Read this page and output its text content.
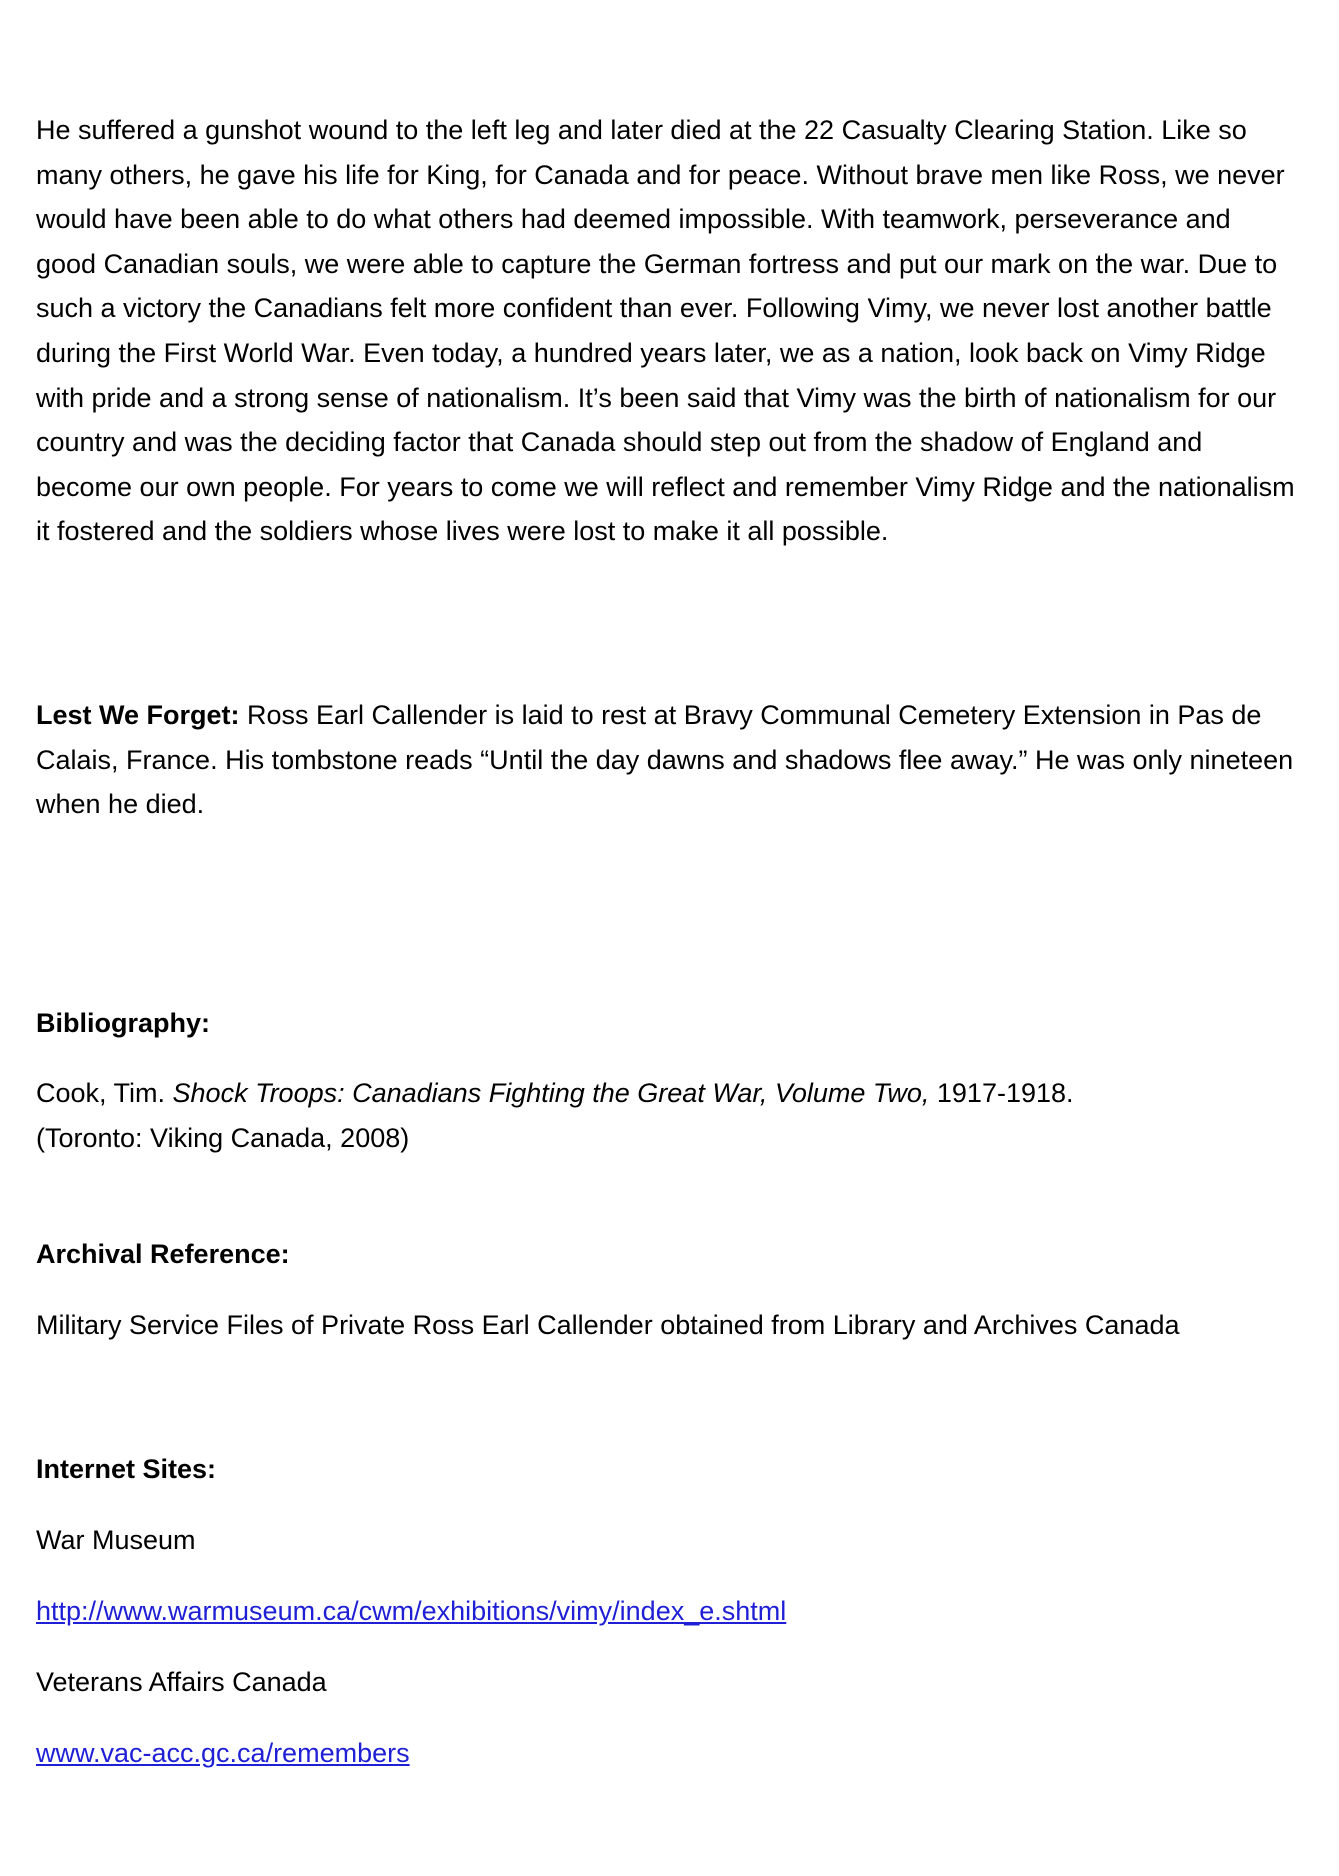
He suffered a gunshot wound to the left leg and later died at the 22 Casualty Clearing Station. Like so many others, he gave his life for King, for Canada and for peace. Without brave men like Ross, we never would have been able to do what others had deemed impossible. With teamwork, perseverance and good Canadian souls, we were able to capture the German fortress and put our mark on the war. Due to such a victory the Canadians felt more confident than ever. Following Vimy, we never lost another battle during the First World War. Even today, a hundred years later, we as a nation, look back on Vimy Ridge with pride and a strong sense of nationalism. It’s been said that Vimy was the birth of nationalism for our country and was the deciding factor that Canada should step out from the shadow of England and become our own people. For years to come we will reflect and remember Vimy Ridge and the nationalism it fostered and the soldiers whose lives were lost to make it all possible.

Lest We Forget: Ross Earl Callender is laid to rest at Bravy Communal Cemetery Extension in Pas de Calais, France. His tombstone reads “Until the day dawns and shadows flee away.” He was only nineteen when he died.

Bibliography:
Cook, Tim. Shock Troops: Canadians Fighting the Great War, Volume Two, 1917-1918.
(Toronto: Viking Canada, 2008)
Archival Reference:
Military Service Files of Private Ross Earl Callender obtained from Library and Archives Canada
Internet Sites:
War Museum
http://www.warmuseum.ca/cwm/exhibitions/vimy/index_e.shtml
Veterans Affairs Canada
www.vac-acc.gc.ca/remembers
